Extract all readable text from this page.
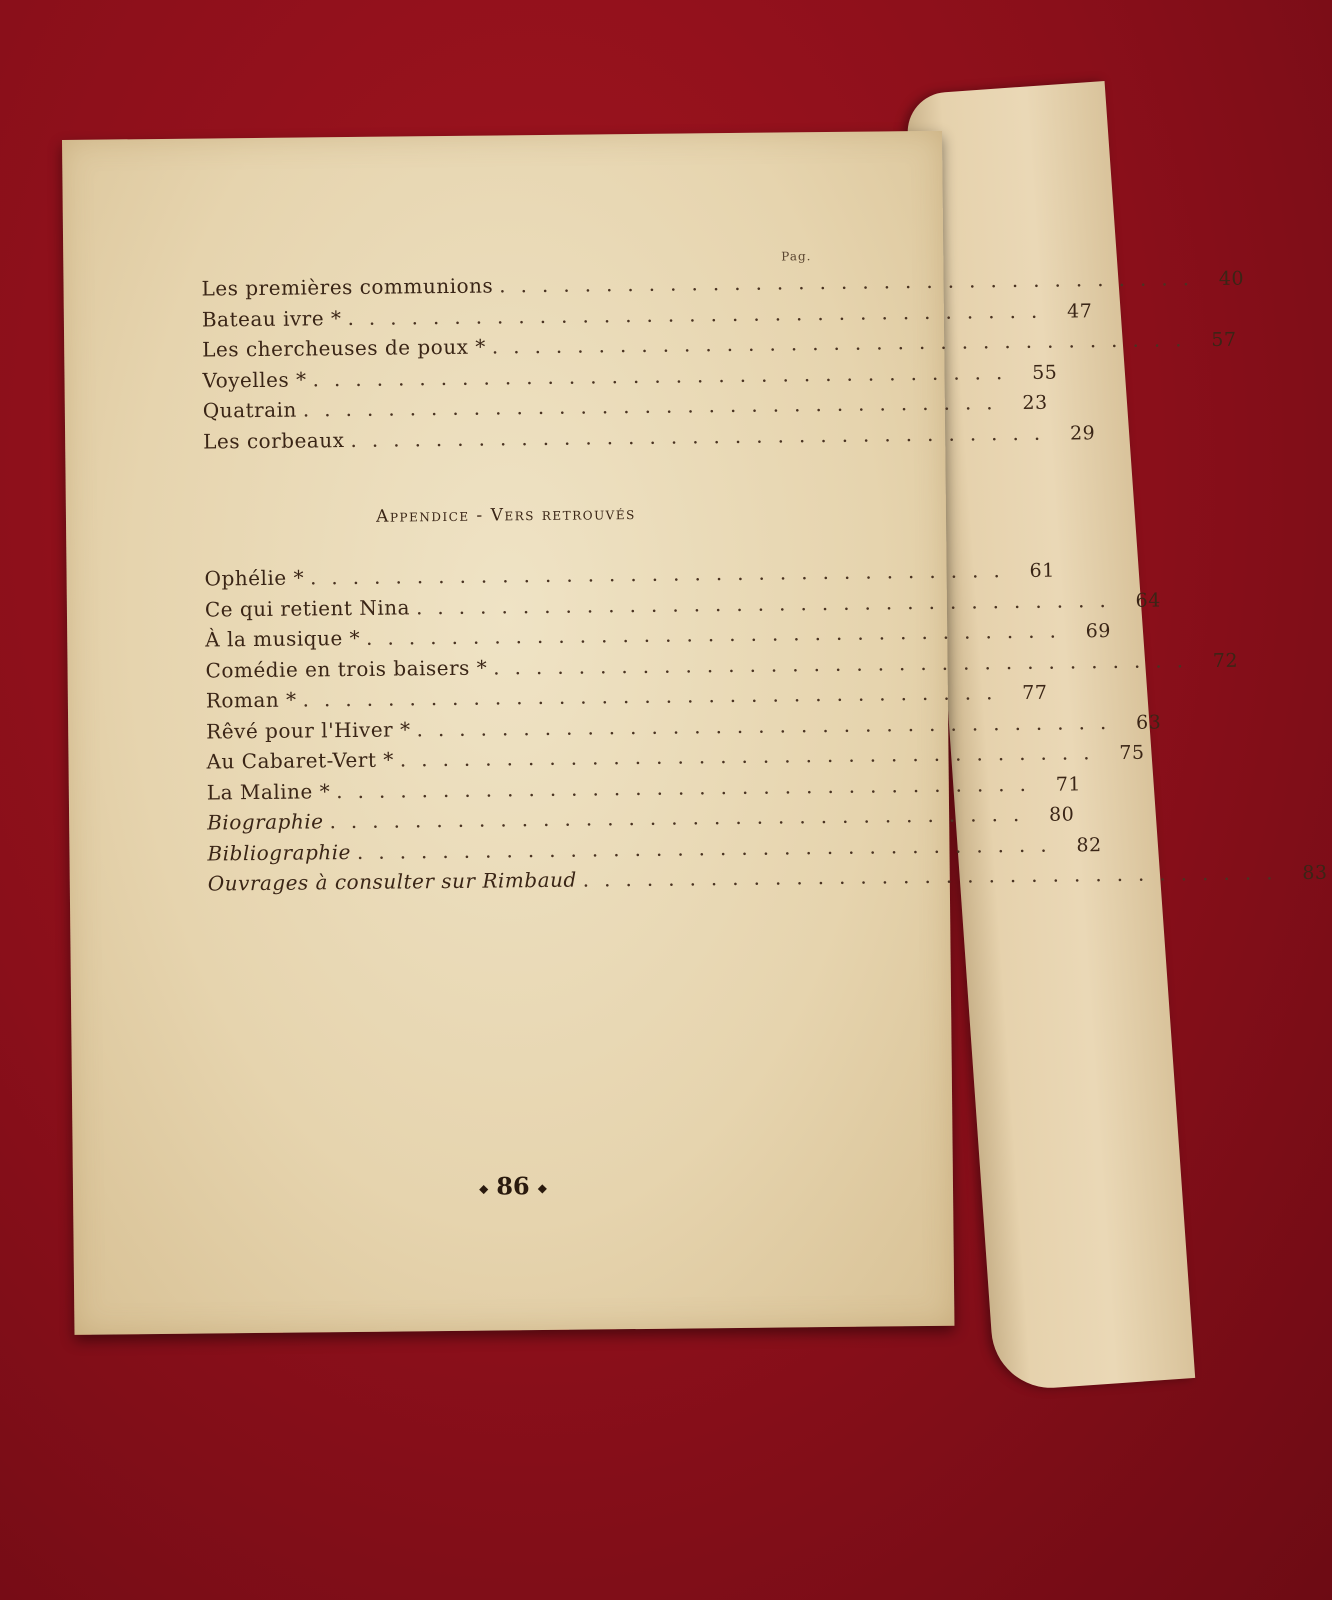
Pag.
Les premières communions ................................. 40
Bateau ivre * ................................. 47
Les chercheuses de poux * ................................. 57
Voyelles * ................................. 55
Quatrain ................................. 23
Les corbeaux ................................. 29
Appendice - Vers retrouvés
Ophélie * ................................. 61
Ce qui retient Nina ................................. 64
À la musique * ................................. 69
Comédie en trois baisers * ................................. 72
Roman * ................................. 77
Rêvé pour l'Hiver * ................................. 63
Au Cabaret-Vert * ................................. 75
La Maline * ................................. 71
Biographie ................................. 80
Bibliographie ................................. 82
Ouvrages à consulter sur Rimbaud ................................. 83
◆ 86 ◆
